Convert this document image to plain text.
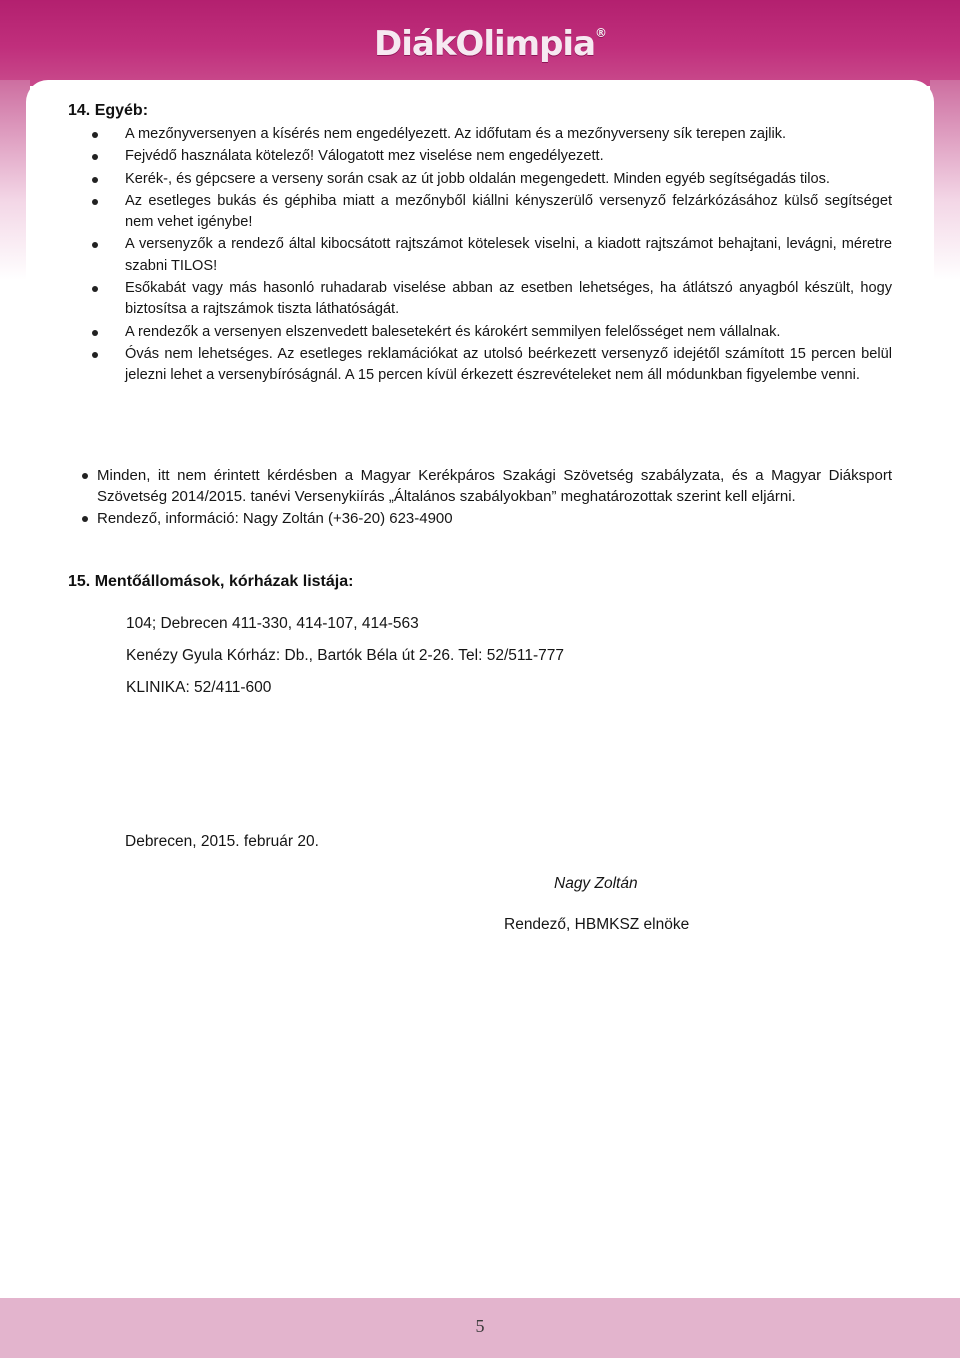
DiákOlimpia®
14. Egyéb:
A mezőnyversenyen a kísérés nem engedélyezett. Az időfutam és a mezőnyverseny sík terepen zajlik.
Fejvédő használata kötelező! Válogatott mez viselése nem engedélyezett.
Kerék-, és gépcsere a verseny során csak az út jobb oldalán megengedett. Minden egyéb segítségadás tilos.
Az esetleges bukás és géphiba miatt a mezőnyből kiállni kényszerülő versenyző felzárkózásához külső segítséget nem vehet igénybe!
A versenyzők a rendező által kibocsátott rajtszámot kötelesek viselni, a kiadott rajtszámot behajtani, levágni, méretre szabni TILOS!
Esőkabát vagy más hasonló ruhadarab viselése abban az esetben lehetséges, ha átlátszó anyagból készült, hogy biztosítsa a rajtszámok tiszta láthatóságát.
A rendezők a versenyen elszenvedett balesetekért és károkért semmilyen felelősséget nem vállalnak.
Óvás nem lehetséges. Az esetleges reklamációkat az utolsó beérkezett versenyző idejétől számított 15 percen belül jelezni lehet a versenybíróságnál. A 15 percen kívül érkezett észrevételeket nem áll módunkban figyelembe venni.
Minden, itt nem érintett kérdésben a Magyar Kerékpáros Szakági Szövetség szabályzata, és a Magyar Diáksport Szövetség 2014/2015. tanévi Versenykiírás „Általános szabályokban” meghatározottak szerint kell eljárni.
Rendező, információ: Nagy Zoltán (+36-20) 623-4900
15. Mentőállomások, kórházak listája:
104; Debrecen 411-330, 414-107, 414-563
Kenézy Gyula Kórház: Db., Bartók Béla út 2-26. Tel: 52/511-777
KLINIKA: 52/411-600
Debrecen, 2015. február 20.
Nagy Zoltán
Rendező, HBMKSZ elnöke
5
